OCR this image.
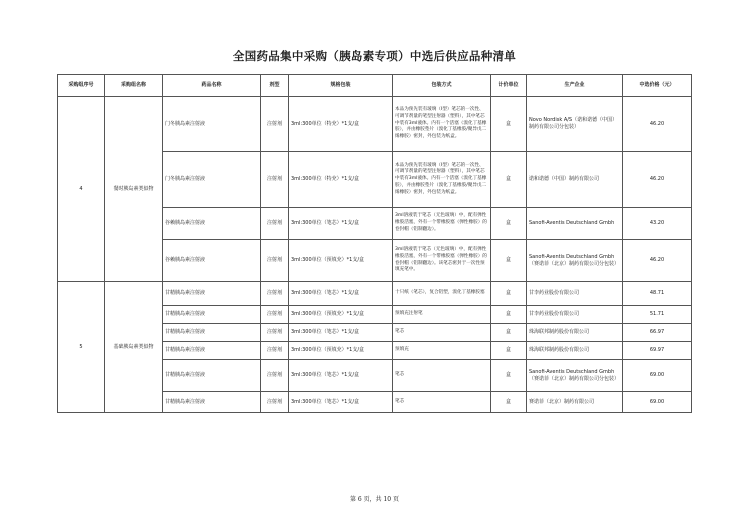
全国药品集中采购（胰岛素专项）中选后供应品种清单
采购组序号	采购组名称	药品名称	剂型	规格包装	包装方式	计价单位	生产企业	中选价格（元）
4	餐时胰岛素类似物	门冬胰岛素注射液	注射剂	3ml:300单位（特充）*1支/盒	本品为预先装有玻璃（I型）笔芯的一次性、可调节剂量的笔型注射器（塑料），其中笔芯中装有3ml液体。内有一个活塞（溴化丁基橡胶），并由橡胶垫片（溴化丁基橡胶/聚异戊二烯橡胶）密封，外包装为纸盒。	盒	Novo Nordisk A/S（诺和诺德（中国）制药有限公司分包装）	46.20
		门冬胰岛素注射液	注射剂	3ml:300单位（特充）*1支/盒	本品为预先装有玻璃（I型）笔芯的一次性、可调节剂量的笔型注射器（塑料），其中笔芯中装有3ml液体。内有一个活塞（溴化丁基橡胶），并由橡胶垫片（溴化丁基橡胶/聚异戊二烯橡胶）密封，外包装为纸盒。	盒	诺和诺德（中国）制药有限公司	46.20
		谷赖胰岛素注射液	注射剂	3ml:300单位（笔芯）*1支/盒	3ml溶液装于笔芯（无色玻璃）中，配有弹性橡胶活塞，外有一个带橡胶塞（弹性橡胶）的卷封帽（铝制翻边）。	盒	Sanofi-Aventis Deutschland Gmbh	43.20
		谷赖胰岛素注射液	注射剂	3ml:300单位（预填充）*1支/盒	3ml溶液装于笔芯（无色玻璃）中，配有弹性橡胶活塞，外有一个带橡胶塞（弹性橡胶）的卷封帽（铝制翻边）。该笔芯密封于一次性预填充笔中。	盒	Sanofi-Aventis Deutschland Gmbh（赛诺菲（北京）制药有限公司分包装）	46.20
5	基础胰岛素类似物	甘精胰岛素注射液	注射剂	3ml:300单位（笔芯）*1支/盒	十只纸（笔芯），复合铝塑，溴化丁基橡胶塞	盒	甘李药业股份有限公司	48.71
		甘精胰岛素注射液	注射剂	3ml:300单位（预填充）*1支/盒	预填充注射笔	盒	甘李药业股份有限公司	51.71
		甘精胰岛素注射液	注射剂	3ml:300单位（笔芯）*1支/盒	笔芯	盒	珠海联邦制药股份有限公司	66.97
		甘精胰岛素注射液	注射剂	3ml:300单位（预填充）*1支/盒	预填充	盒	珠海联邦制药股份有限公司	69.97
		甘精胰岛素注射液	注射剂	3ml:300单位（笔芯）*1支/盒	笔芯	盒	Sanofi-Aventis Deutschland Gmbh（赛诺菲（北京）制药有限公司分包装）	69.00
		甘精胰岛素注射液	注射剂	3ml:300单位（笔芯）*1支/盒	笔芯	盒	赛诺菲（北京）制药有限公司	69.00
第 6 页，共 10 页
